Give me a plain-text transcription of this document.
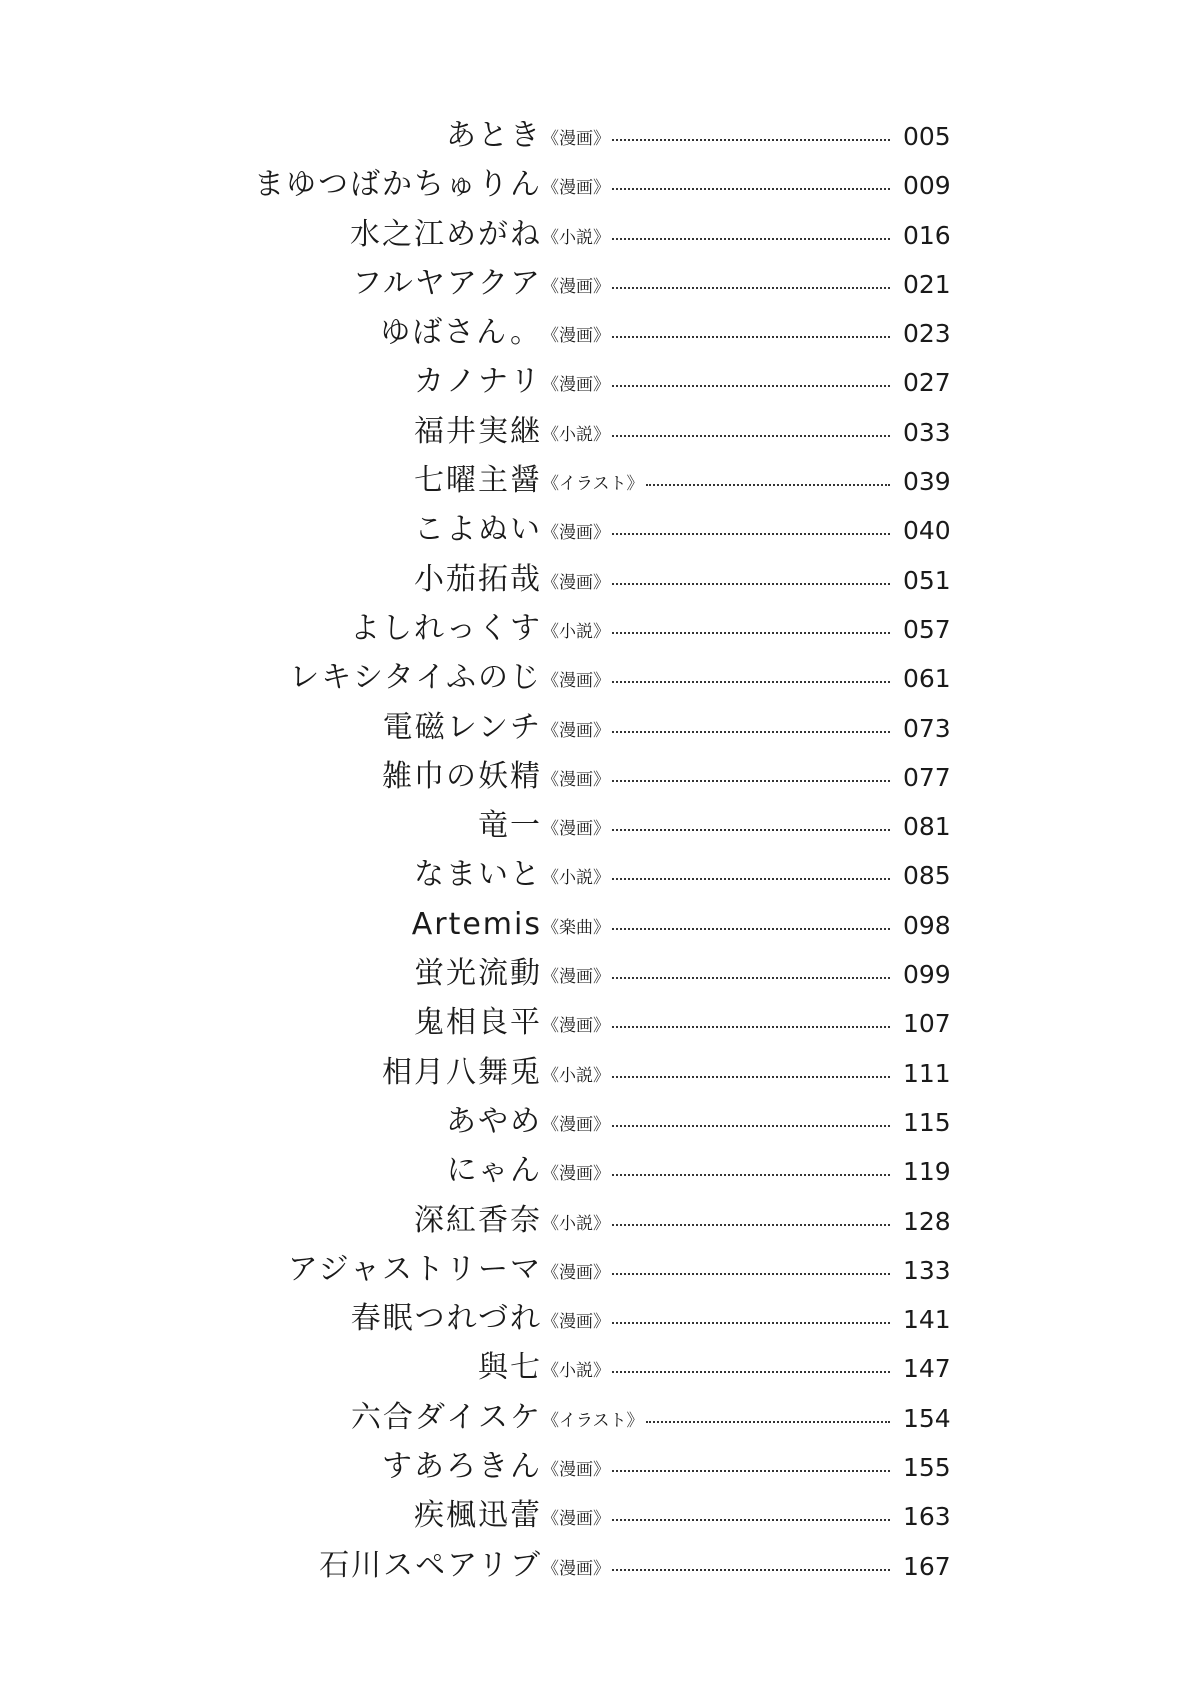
あとき 《漫画》	005
まゆつばかちゅりん 《漫画》	009
水之江めがね 《小説》	016
フルヤアクア 《漫画》	021
ゆばさん。 《漫画》	023
カノナリ 《漫画》	027
福井実継 《小説》	033
七曜主醤 《イラスト》	039
こよぬい 《漫画》	040
小茄拓哉 《漫画》	051
よしれっくす 《小説》	057
レキシタイふのじ 《漫画》	061
電磁レンチ 《漫画》	073
雑巾の妖精 《漫画》	077
竜一 《漫画》	081
なまいと 《小説》	085
Artemis 《楽曲》	098
蛍光流動 《漫画》	099
鬼相良平 《漫画》	107
相月八舞兎 《小説》	111
あやめ 《漫画》	115
にゃん 《漫画》	119
深紅香奈 《小説》	128
アジャストリーマ 《漫画》	133
春眠つれづれ 《漫画》	141
與七 《小説》	147
六合ダイスケ 《イラスト》	154
すあろきん 《漫画》	155
疾楓迅蕾 《漫画》	163
石川スペアリブ 《漫画》	167
